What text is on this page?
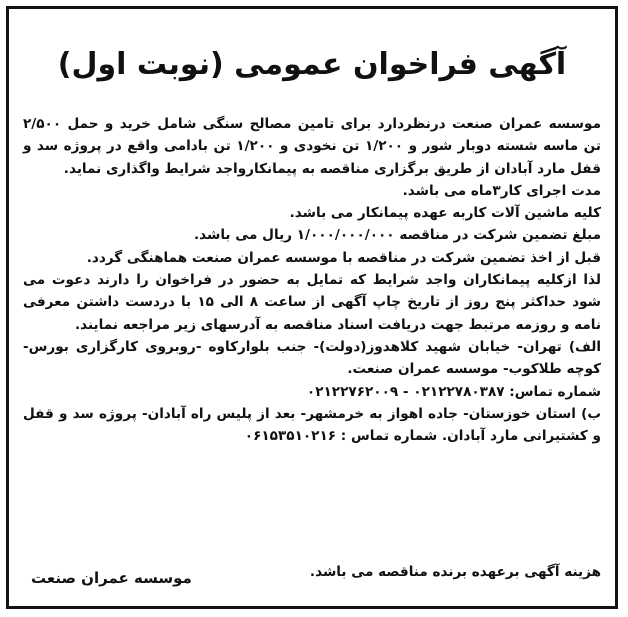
آگهی فراخوان عمومی (نوبت اول)

موسسه عمران صنعت درنظردارد برای تامین مصالح سنگی شامل خرید و حمل ۲/۵۰۰ تن ماسه شسته دوبار شور و ۱/۲۰۰ تن نخودی و ۱/۲۰۰ تن بادامی واقع در پروژه سد و قفل مارد آبادان از طریق برگزاری مناقصه به پیمانکارواجد شرایط واگذاری نماید.

مدت اجرای کار۳ماه می باشد.

کلیه ماشین آلات کاربه عهده پیمانکار می باشد.

مبلغ تضمین شرکت در مناقصه ۱/۰۰۰/۰۰۰/۰۰۰ ریال می باشد.

قبل از اخذ تضمین شرکت در مناقصه با موسسه عمران صنعت هماهنگی گردد.

لذا ازکلیه پیمانکاران واجد شرایط که تمایل به حضور در فراخوان را دارند دعوت می شود حداکثر پنج روز از تاریخ چاپ آگهی از ساعت ۸ الی ۱۵ با دردست داشتن معرفی نامه و روزمه مرتبط جهت دریافت اسناد مناقصه به آدرسهای زیر مراجعه نمایند.

الف) تهران- خیابان شهید کلاهدوز(دولت)- جنب بلوارکاوه -روبروی کارگزاری بورس- کوچه طلاکوب- موسسه عمران صنعت.

شماره تماس: ۰۲۱۲۲۷۸۰۳۸۷ - ۰۲۱۲۲۷۶۲۰۰۹

ب) استان خوزستان- جاده اهواز به خرمشهر- بعد از پلیس راه آبادان- پروژه سد و قفل و کشتیرانی مارد آبادان. شماره تماس : ۰۶۱۵۳۵۱۰۲۱۶

هزینه آگهی برعهده برنده مناقصه می باشد.
موسسه عمران صنعت
